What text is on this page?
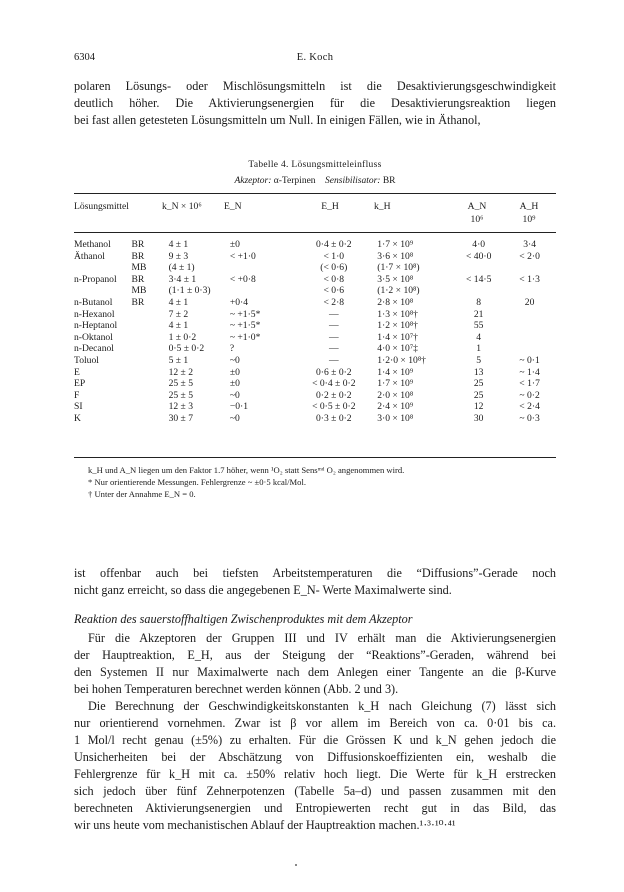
6304	E. Koch
polaren Lösungs- oder Mischlösungsmitteln ist die Desaktivierungsgeschwindigkeit
deutlich höher. Die Aktivierungsenergien für die Desaktivierungsreaktion liegen
bei fast allen getesteten Lösungsmitteln um Null. In einigen Fällen, wie in Äthanol,
Tabelle 4. Lösungsmitteleinfluss
Akzeptor: α-Terpinen Sensibilisator: BR
Lösungsmittel	k_N × 10⁶	E_N	E_H	k_H	A_N	A_H
					10⁶	10⁹
Methanol	BR	4 ± 1	±0	0·4 ± 0·2	1·7 × 10⁹	4·0	3·4
Äthanol	BR	9 ± 3	< +1·0	< 1·0	3·6 × 10⁸	< 40·0	< 2·0
	MB	(4 ± 1)		(< 0·6)	(1·7 × 10⁸)		
n-Propanol	BR	3·4 ± 1	< +0·8	< 0·8	3·5 × 10⁸	< 14·5	< 1·3
	MB	(1·1 ± 0·3)		< 0·6	(1·2 × 10⁸)		
n-Butanol	BR	4 ± 1	+0·4	< 2·8	2·8 × 10⁸	8	20
n-Hexanol		7 ± 2	~ +1·5*	—	1·3 × 10⁸†	21	
n-Heptanol		4 ± 1	~ +1·5*	—	1·2 × 10⁸†	55	
n-Oktanol		1 ± 0·2	~ +1·0*	—	1·4 × 10⁷†	4	
n-Decanol		0·5 ± 0·2	?	—	4·0 × 10⁷‡	1	
Toluol		5 ± 1	~0	—	1·2·0 × 10⁸†	5	~ 0·1
E		12 ± 2	±0	0·6 ± 0·2	1·4 × 10⁹	13	~ 1·4
EP		25 ± 5	±0	< 0·4 ± 0·2	1·7 × 10⁹	25	< 1·7
F		25 ± 5	~0	0·2 ± 0·2	2·0 × 10⁸	25	~ 0·2
SI		12 ± 3	−0·1	< 0·5 ± 0·2	2·4 × 10⁹	12	< 2·4
K		30 ± 7	~0	0·3 ± 0·2	3·0 × 10⁸	30	~ 0·3
k_H und A_N liegen um den Faktor 1.7 höher, wenn ¹O₂ statt Sensᵐᵈ O₂ angenommen wird.
* Nur orientierende Messungen. Fehlergrenze ~ ±0·5 kcal/Mol.
† Unter der Annahme E_N = 0.
ist offenbar auch bei tiefsten Arbeitstemperaturen die “Diffusions”-Gerade noch
nicht ganz erreicht, so dass die angegebenen E_N- Werte Maximalwerte sind.
Reaktion des sauerstoffhaltigen Zwischenproduktes mit dem Akzeptor
Für die Akzeptoren der Gruppen III und IV erhält man die Aktivierungsenergien
der Hauptreaktion, E_H, aus der Steigung der “Reaktions”-Geraden, während bei
den Systemen II nur Maximalwerte nach dem Anlegen einer Tangente an die β-Kurve
bei hohen Temperaturen berechnet werden können (Abb. 2 und 3).
Die Berechnung der Geschwindigkeitskonstanten k_H nach Gleichung (7) lässt sich
nur orientierend vornehmen. Zwar ist β vor allem im Bereich von ca. 0·01 bis ca.
1 Mol/l recht genau (±5%) zu erhalten. Für die Grössen K und k_N gehen jedoch die
Unsicherheiten bei der Abschätzung von Diffusionskoeffizienten ein, weshalb die
Fehlergrenze für k_H mit ca. ±50% relativ hoch liegt. Die Werte für k_H erstrecken
sich jedoch über fünf Zehnerpotenzen (Tabelle 5a–d) und passen zusammen mit den
berechneten Aktivierungsenergien und Entropiewerten recht gut in das Bild, das
wir uns heute vom mechanistischen Ablauf der Hauptreaktion machen.¹·³·¹⁰·⁴¹
